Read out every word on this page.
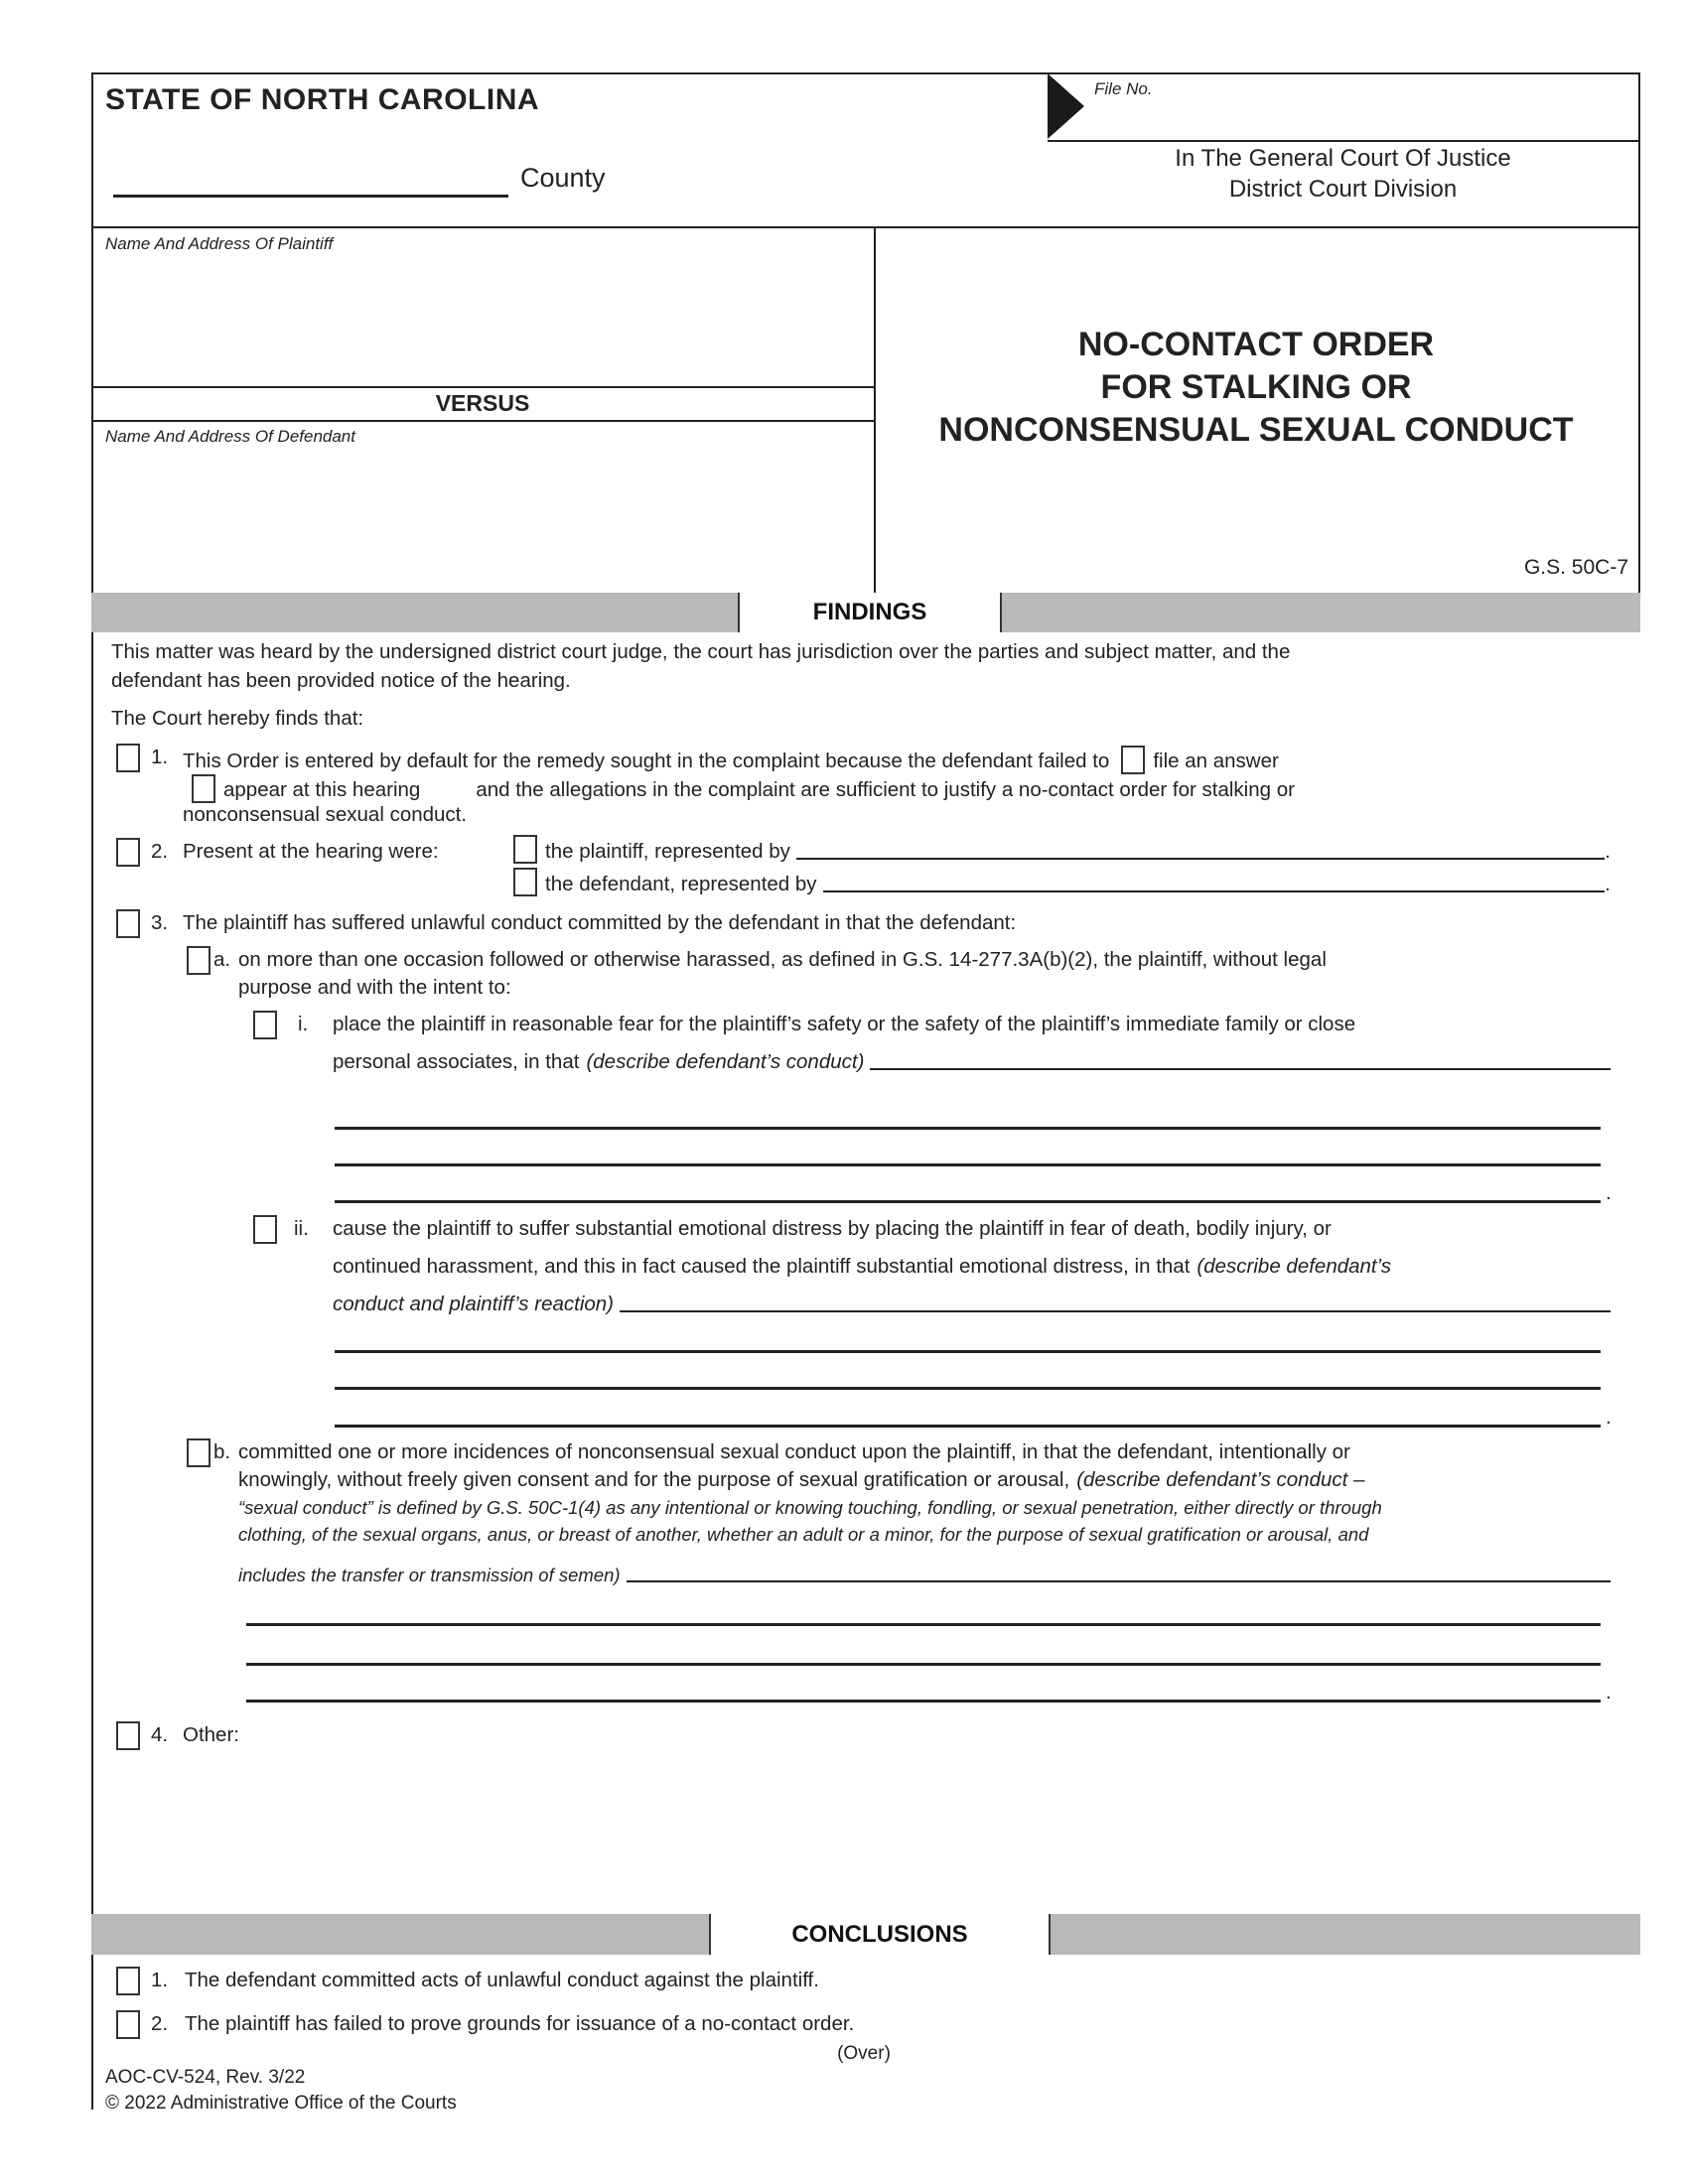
STATE OF NORTH CAROLINA
County
File No.
In The General Court Of Justice
District Court Division
Name And Address Of Plaintiff
VERSUS
Name And Address Of Defendant
NO-CONTACT ORDER
FOR STALKING OR
NONCONSENSUAL SEXUAL CONDUCT
G.S. 50C-7
FINDINGS
This matter was heard by the undersigned district court judge, the court has jurisdiction over the parties and subject matter, and the
defendant has been provided notice of the hearing.
The Court hereby finds that:
1. This Order is entered by default for the remedy sought in the complaint because the defendant failed to file an answer
appear at this hearing	and the allegations in the complaint are sufficient to justify a no-contact order for stalking or
nonconsensual sexual conduct.
2. Present at the hearing were:	the plaintiff, represented by	.
the defendant, represented by	.
3. The plaintiff has suffered unlawful conduct committed by the defendant in that the defendant:
a. on more than one occasion followed or otherwise harassed, as defined in G.S. 14-277.3A(b)(2), the plaintiff, without legal
purpose and with the intent to:
i. place the plaintiff in reasonable fear for the plaintiff’s safety or the safety of the plaintiff’s immediate family or close
personal associates, in that (describe defendant’s conduct)
.
ii. cause the plaintiff to suffer substantial emotional distress by placing the plaintiff in fear of death, bodily injury, or
continued harassment, and this in fact caused the plaintiff substantial emotional distress, in that (describe defendant’s
conduct and plaintiff’s reaction)
.
b. committed one or more incidences of nonconsensual sexual conduct upon the plaintiff, in that the defendant, intentionally or
knowingly, without freely given consent and for the purpose of sexual gratification or arousal, (describe defendant’s conduct –
“sexual conduct” is defined by G.S. 50C-1(4) as any intentional or knowing touching, fondling, or sexual penetration, either directly or through
clothing, of the sexual organs, anus, or breast of another, whether an adult or a minor, for the purpose of sexual gratification or arousal, and
includes the transfer or transmission of semen)
.
4. Other:
CONCLUSIONS
1. The defendant committed acts of unlawful conduct against the plaintiff.
2. The plaintiff has failed to prove grounds for issuance of a no-contact order.
(Over)
AOC-CV-524, Rev. 3/22
© 2022 Administrative Office of the Courts
